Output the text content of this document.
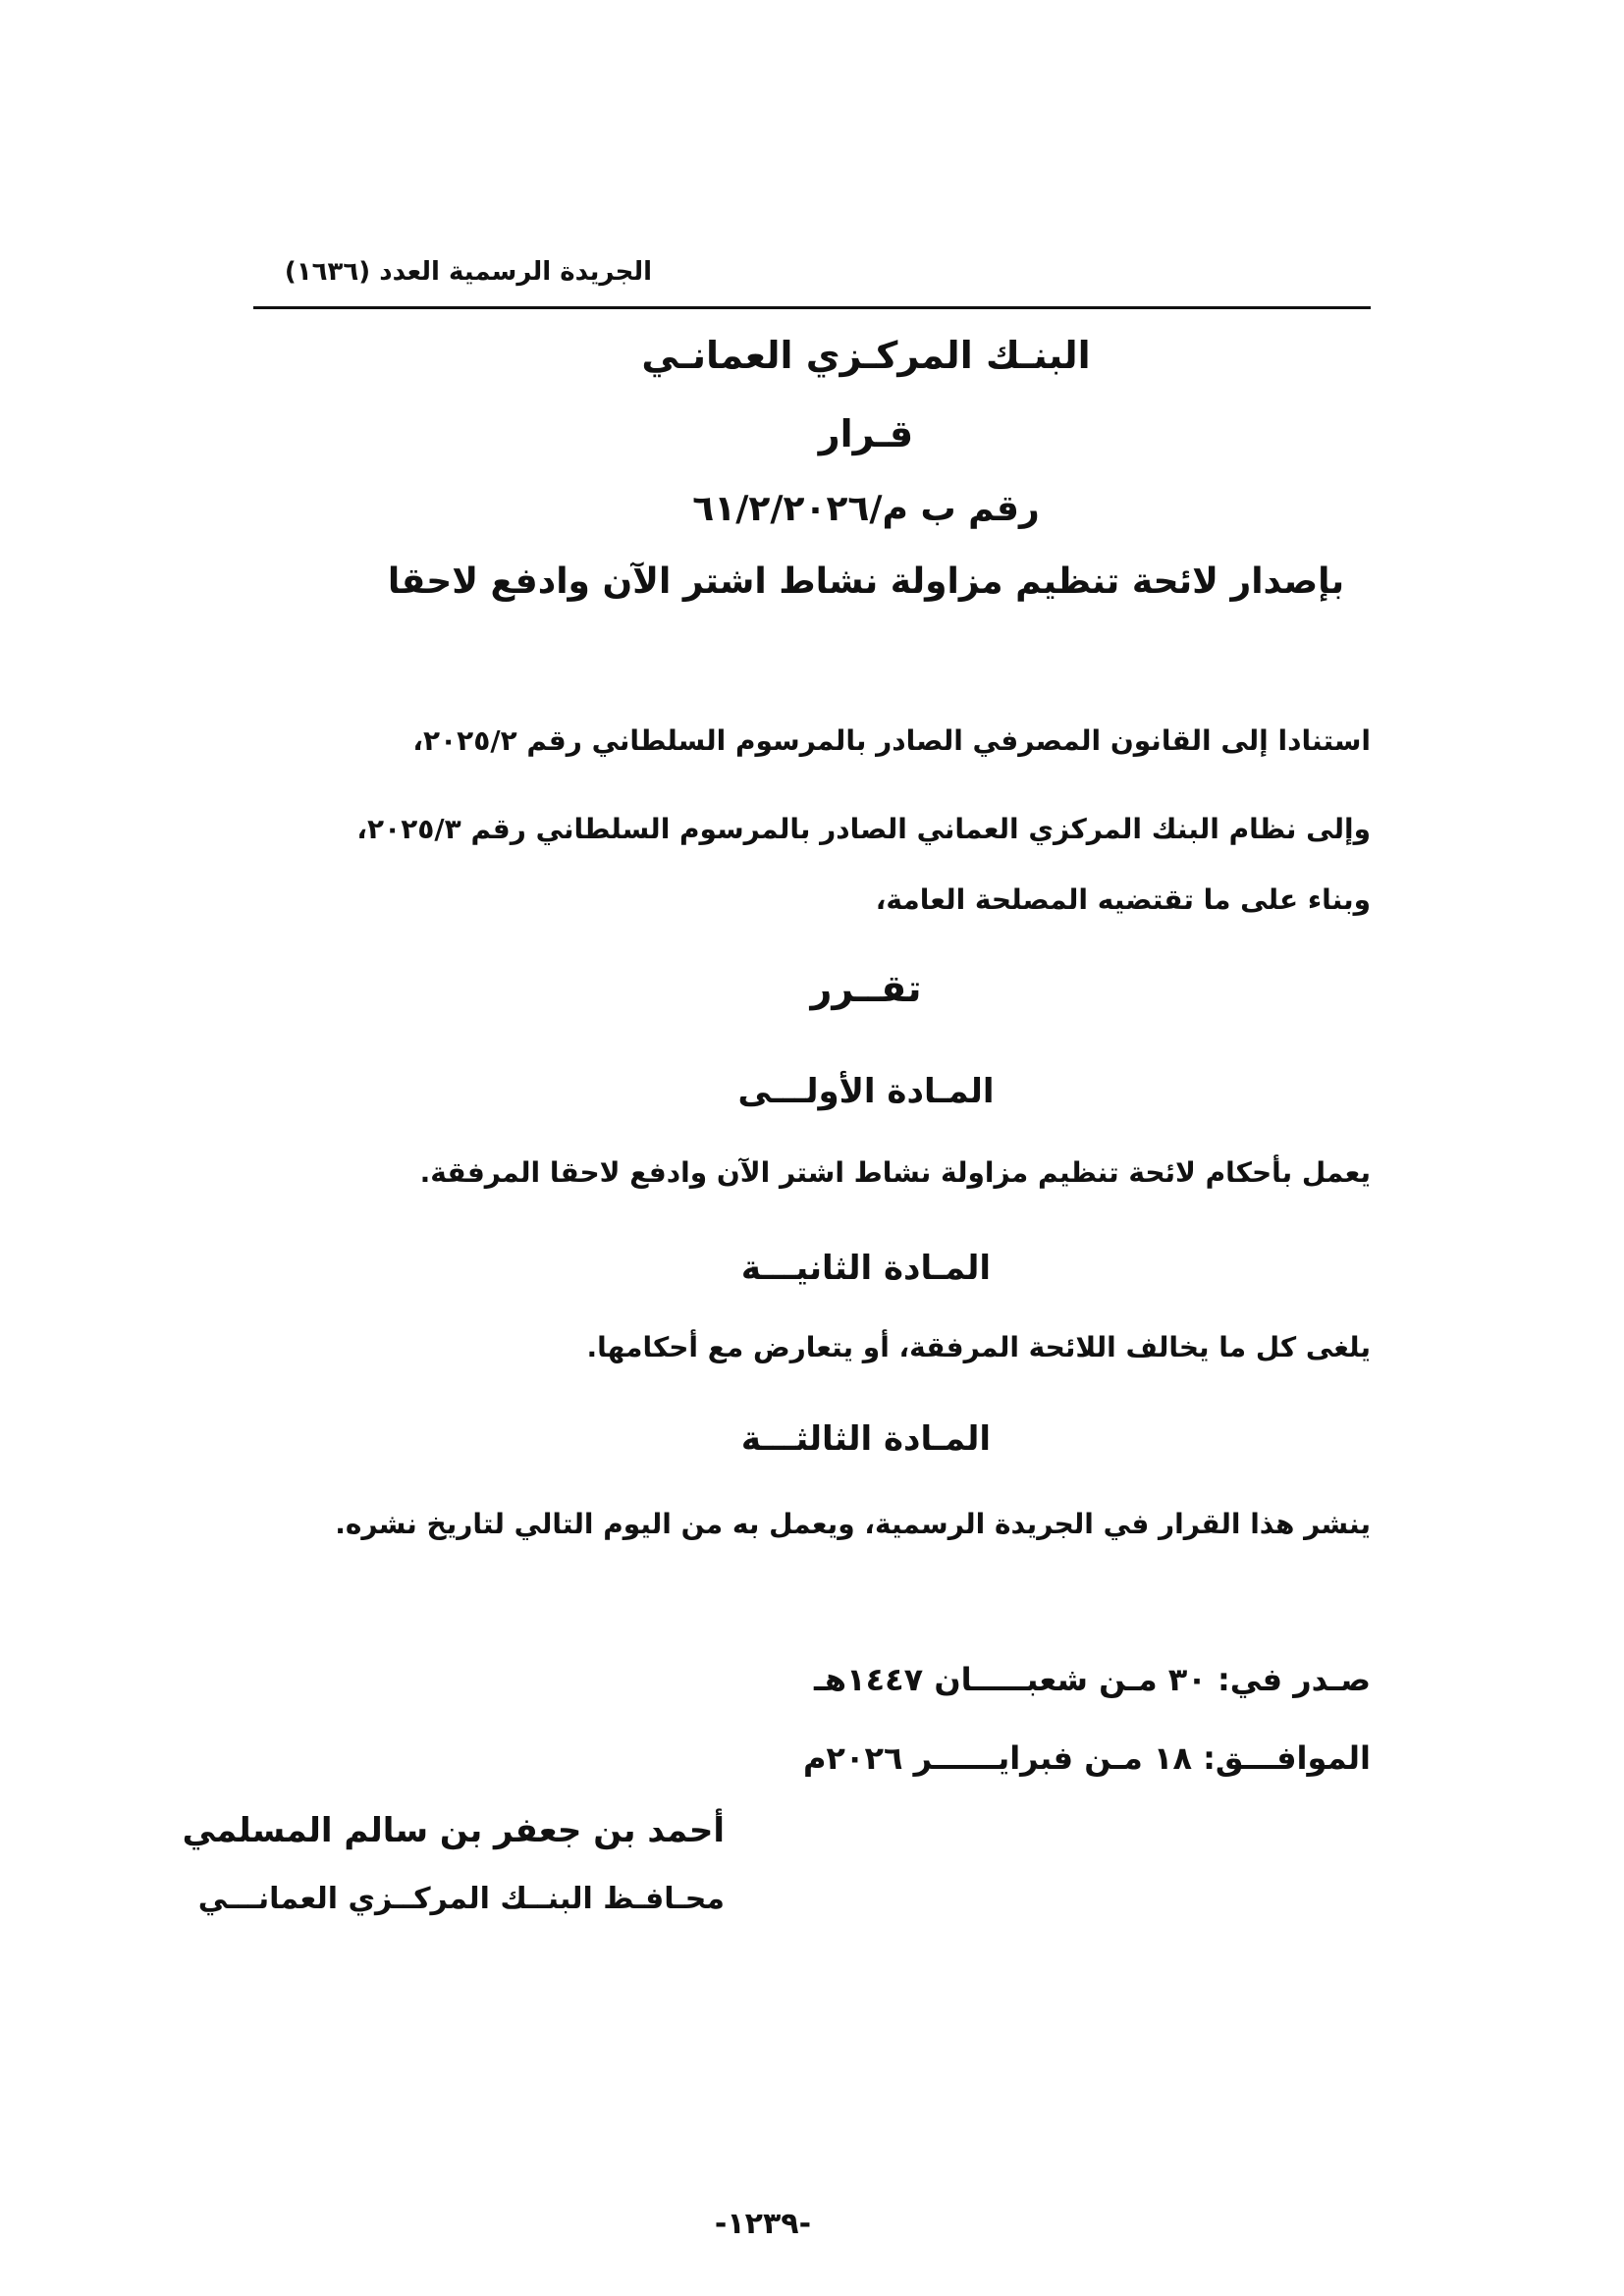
الجريدة الرسمية العدد (١٦٣٦)
البنـك المركـزي العمانـي
قـرار
رقم ب م/٦١/٢/٢٠٢٦
بإصدار لائحة تنظيم مزاولة نشاط اشتر الآن وادفع لاحقا
استنادا إلى القانون المصرفي الصادر بالمرسوم السلطاني رقم ٢٠٢٥/٢،
وإلى نظام البنك المركزي العماني الصادر بالمرسوم السلطاني رقم ٢٠٢٥/٣،
وبناء على ما تقتضيه المصلحة العامة،
تقــرر
المـادة الأولـــى
يعمل بأحكام لائحة تنظيم مزاولة نشاط اشتر الآن وادفع لاحقا المرفقة.
المـادة الثانيـــة
يلغى كل ما يخالف اللائحة المرفقة، أو يتعارض مع أحكامها.
المـادة الثالثـــة
ينشر هذا القرار في الجريدة الرسمية، ويعمل به من اليوم التالي لتاريخ نشره.
صـدر في: ٣٠ مـن شعبـــــان ١٤٤٧هـ
الموافـــق: ١٨ مـن فبرايــــــر ٢٠٢٦م
أحمد بن جعفر بن سالم المسلمي
محـافـظ البنــك المركــزي العمانـــي
-١٢٣٩-
